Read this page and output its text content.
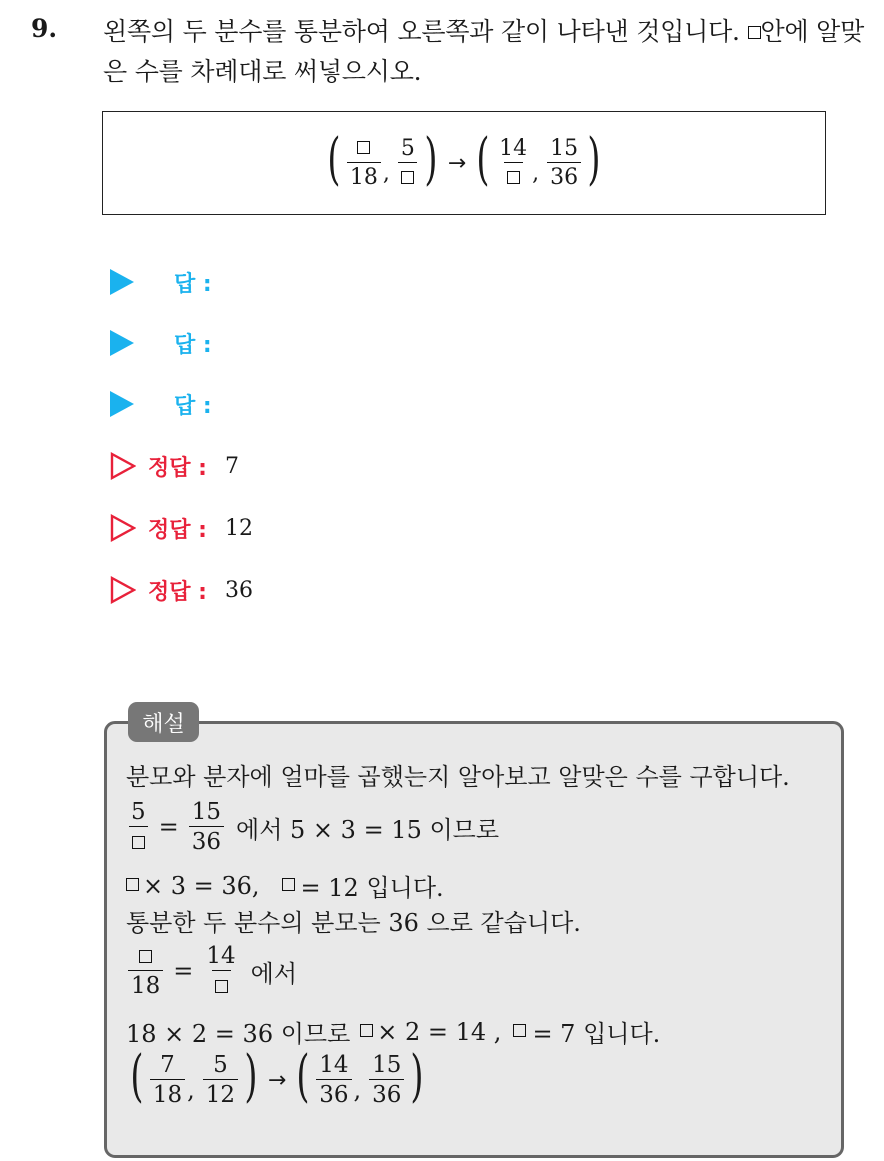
9. 왼쪽의 두 분수를 통분하여 오른쪽과 같이 나타낸 것입니다. 안에 알맞은 수를 차례대로 써넣으시오.
( 18 ,
5 ) → ( 14
, $\frac{15}{36}$ )
답 :
답 :
답 :
정답 : 7
정답 : 12
정답 : 36
해설
분모와 분자에 얼마를 곱했는지 알아보고 알맞은 수를 구합니다.
5
= $\frac{15}{36}$ 에서 5 × 3 = 15 이므로
× 3 = 36, = 12 입니다.
통분한 두 분수의 분모는 36 으로 같습니다.
18
=
14
에서
18 × 2 = 36 이므로 × 2 = 14 , = 7 입니다.
( $\frac{7}{18}$ , $\frac{5}{12}$ ) → ( $\frac{14}{36}$ , $\frac{15}{36}$ )
